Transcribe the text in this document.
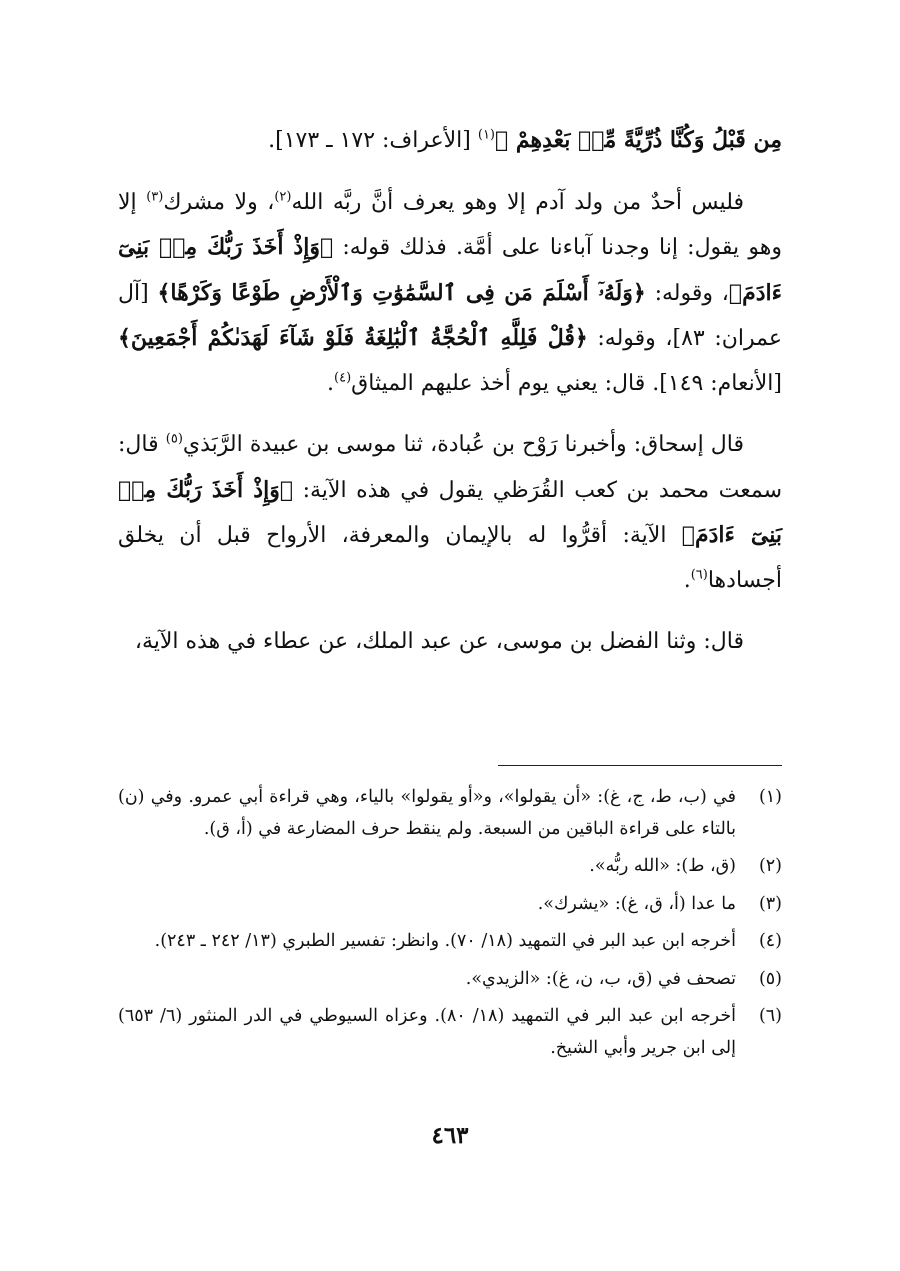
مِن قَبْلُ وَكُنَّا ذُرِّيَّةً مِّنۢ بَعْدِهِمْ ﴾$^{(١)}$ [الأعراف: ١٧٢ ـ ١٧٣].

فليس أحدٌ من ولد آدم إلا وهو يعرف أنَّ ربَّه الله$^{(٢)}$، ولا مشرك$^{(٣)}$ إلا وهو يقول: إنا وجدنا آباءنا على أمَّة. فذلك قوله: ﴿وَإِذْ أَخَذَ رَبُّكَ مِنۢ بَنِىٓ ءَادَمَ﴾، وقوله: ﴿وَلَهُۥٓ أَسْلَمَ مَن فِى ٱلسَّمَٰوَٰتِ وَٱلْأَرْضِ طَوْعًا وَكَرْهًا﴾ [آل عمران: ٨٣]، وقوله: ﴿قُلْ فَلِلَّهِ ٱلْحُجَّةُ ٱلْبَٰلِغَةُ فَلَوْ شَآءَ لَهَدَىٰكُمْ أَجْمَعِينَ﴾ [الأنعام: ١٤٩]. قال: يعني يوم أخذ عليهم الميثاق$^{(٤)}$.

قال إسحاق: وأخبرنا رَوْح بن عُبادة، ثنا موسى بن عبيدة الرَّبَذي$^{(٥)}$ قال: سمعت محمد بن كعب القُرَظي يقول في هذه الآية: ﴿وَإِذْ أَخَذَ رَبُّكَ مِنۢ بَنِىٓ ءَادَمَ﴾ الآية: أقرُّوا له بالإيمان والمعرفة، الأرواح قبل أن يخلق أجسادها$^{(٦)}$.

قال: وثنا الفضل بن موسى، عن عبد الملك، عن عطاء في هذه الآية،

(١)
في (ب، ط، ج، غ): «أن يقولوا»، و«أو يقولوا» بالياء، وهي قراءة أبي عمرو. وفي (ن) بالتاء على قراءة الباقين من السبعة. ولم ينقط حرف المضارعة في (أ، ق).
(٢)
(ق، ط): «الله ربُّه».
(٣)
ما عدا (أ، ق، غ): «يشرك».
(٤)
أخرجه ابن عبد البر في التمهيد (١٨/ ٧٠). وانظر: تفسير الطبري (١٣/ ٢٤٢ ـ ٢٤٣).
(٥)
تصحف في (ق، ب، ن، غ): «الزيدي».
(٦)
أخرجه ابن عبد البر في التمهيد (١٨/ ٨٠). وعزاه السيوطي في الدر المنثور (٦/ ٦٥٣) إلى ابن جرير وأبي الشيخ.
٤٦٣
